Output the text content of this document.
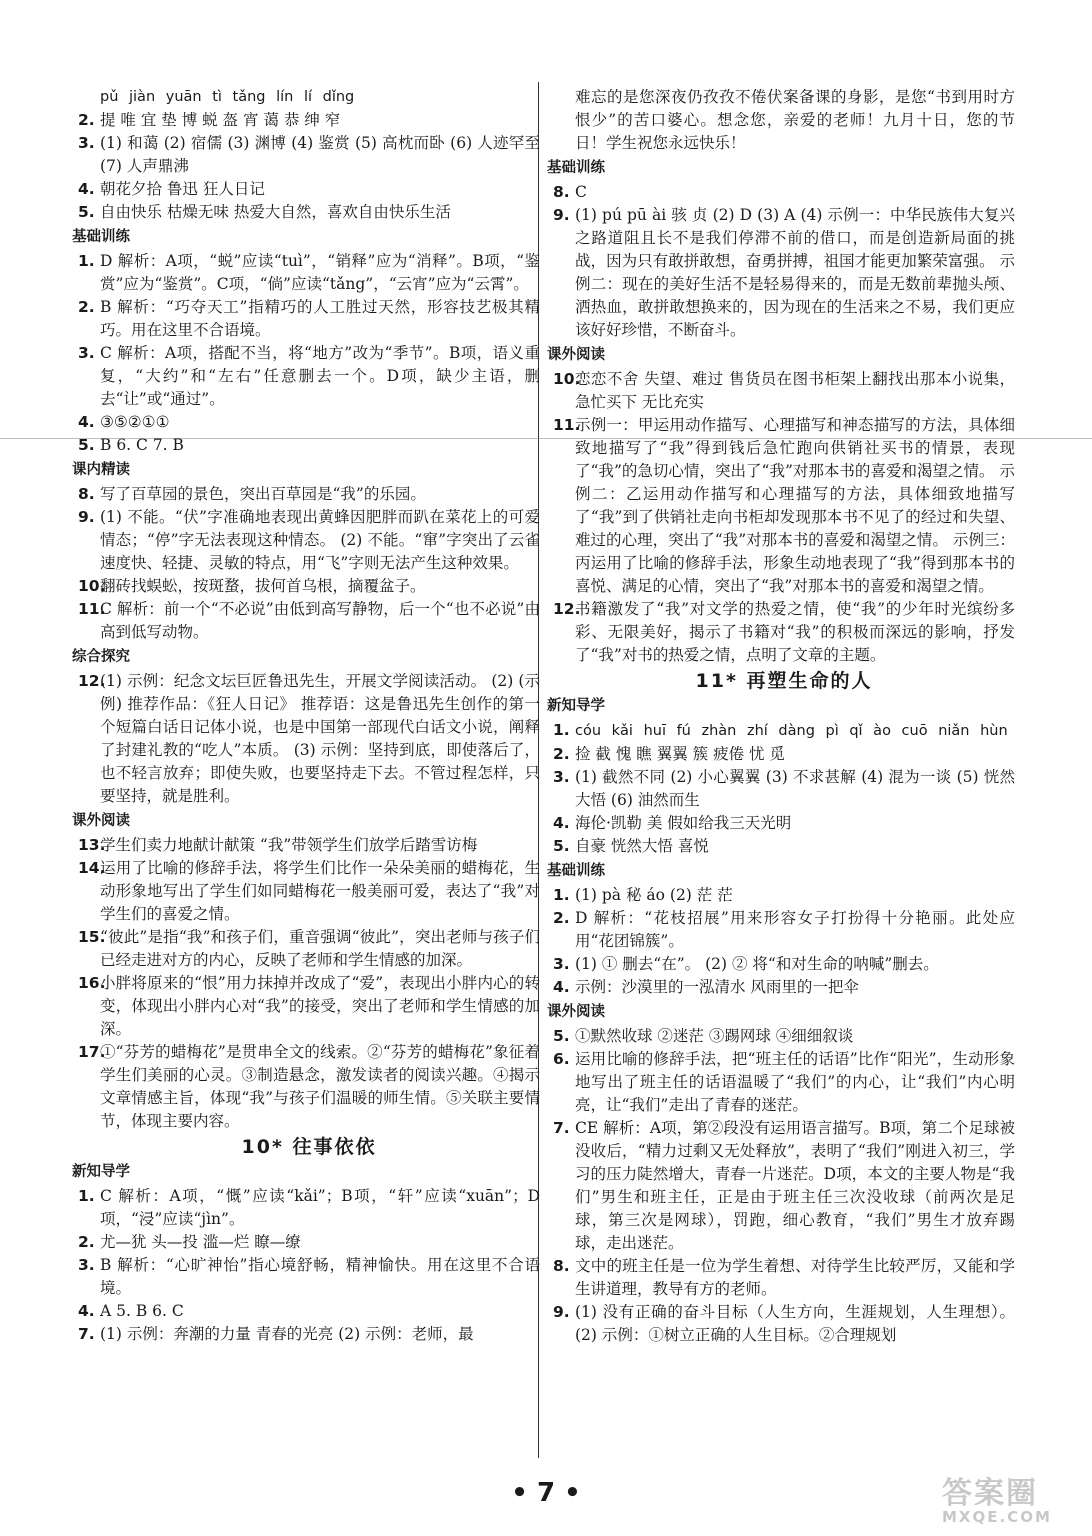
pǔ jiàn yuān tì tǎng lín lí dǐng

2. 提 唯 宜 垫 博 蜕 盔 宵 蔼 恭 绅 窄

3. (1) 和蔼 (2) 宿儒 (3) 渊博 (4) 鉴赏 (5) 高枕而卧 (6) 人迹罕至 (7) 人声鼎沸

4. 朝花夕拾 鲁迅 狂人日记

5. 自由快乐 枯燥无味 热爱大自然，喜欢自由快乐生活

基础训练

1. D 解析：A项，“蜕”应读“tuì”，“销释”应为“消释”。B项，“鉴赏”应为“鉴赏”。C项，“倘”应读“tǎng”，“云宵”应为“云霄”。

2. B 解析：“巧夺天工”指精巧的人工胜过天然，形容技艺极其精巧。用在这里不合语境。

3. C 解析：A项，搭配不当，将“地方”改为“季节”。B项，语义重复，“大约”和“左右”任意删去一个。D项，缺少主语，删去“让”或“通过”。

4. ③⑤②①①

5. B 6. C 7. B

课内精读

8. 写了百草园的景色，突出百草园是“我”的乐园。

9. (1) 不能。“伏”字准确地表现出黄蜂因肥胖而趴在菜花上的可爱情态；“停”字无法表现这种情态。 (2) 不能。“窜”字突出了云雀速度快、轻捷、灵敏的特点，用“飞”字则无法产生这种效果。

10.
翻砖找蜈蚣，按斑蝥，拔何首乌根，摘覆盆子。

11.
C 解析：前一个“不必说”由低到高写静物，后一个“也不必说”由高到低写动物。

综合探究

12.
(1) 示例：纪念文坛巨匠鲁迅先生，开展文学阅读活动。 (2) (示例) 推荐作品：《狂人日记》 推荐语：这是鲁迅先生创作的第一个短篇白话日记体小说，也是中国第一部现代白话文小说，阐释了封建礼教的“吃人”本质。 (3) 示例：坚持到底，即使落后了，也不轻言放弃；即使失败，也要坚持走下去。不管过程怎样，只要坚持，就是胜利。

课外阅读

13.
学生们卖力地献计献策 “我”带领学生们放学后踏雪访梅

14.
运用了比喻的修辞手法，将学生们比作一朵朵美丽的蜡梅花，生动形象地写出了学生们如同蜡梅花一般美丽可爱，表达了“我”对学生们的喜爱之情。

15.
“彼此”是指“我”和孩子们，重音强调“彼此”，突出老师与孩子们已经走进对方的内心，反映了老师和学生情感的加深。

16.
小胖将原来的“恨”用力抹掉并改成了“爱”，表现出小胖内心的转变，体现出小胖内心对“我”的接受，突出了老师和学生情感的加深。

17.
①“芬芳的蜡梅花”是贯串全文的线索。②“芬芳的蜡梅花”象征着学生们美丽的心灵。③制造悬念，激发读者的阅读兴趣。④揭示文章情感主旨，体现“我”与孩子们温暖的师生情。⑤关联主要情节，体现主要内容。

10* 往事依依
新知导学

1. C 解析：A项，“慨”应读“kǎi”；B项，“轩”应读“xuān”；D项，“浸”应读“jìn”。

2. 尤—犹 头—投 滥—烂 瞭—缭

3. B 解析：“心旷神怡”指心境舒畅，精神愉快。用在这里不合语境。

4. A 5. B 6. C

7. (1) 示例：奔潮的力量 青春的光亮 (2) 示例：老师，最

难忘的是您深夜仍孜孜不倦伏案备课的身影，是您“书到用时方恨少”的苦口婆心。想念您，亲爱的老师！九月十日，您的节日！学生祝您永远快乐！

基础训练

8. C

9. (1) pú pū ài 骇 贞 (2) D (3) A (4) 示例一：中华民族伟大复兴之路道阻且长不是我们停滞不前的借口，而是创造新局面的挑战，因为只有敢拼敢想，奋勇拼搏，祖国才能更加繁荣富强。 示例二：现在的美好生活不是轻易得来的，而是无数前辈抛头颅、洒热血，敢拼敢想换来的，因为现在的生活来之不易，我们更应该好好珍惜，不断奋斗。

课外阅读

10.
恋恋不舍 失望、难过 售货员在图书柜架上翻找出那本小说集，急忙买下 无比充实

11.
示例一：甲运用动作描写、心理描写和神态描写的方法，具体细致地描写了“我”得到钱后急忙跑向供销社买书的情景，表现了“我”的急切心情，突出了“我”对那本书的喜爱和渴望之情。 示例二：乙运用动作描写和心理描写的方法，具体细致地描写了“我”到了供销社走向书柜却发现那本书不见了的经过和失望、难过的心理，突出了“我”对那本书的喜爱和渴望之情。 示例三：丙运用了比喻的修辞手法，形象生动地表现了“我”得到那本书的喜悦、满足的心情，突出了“我”对那本书的喜爱和渴望之情。

12.
书籍激发了“我”对文学的热爱之情，使“我”的少年时光缤纷多彩、无限美好，揭示了书籍对“我”的积极而深远的影响，抒发了“我”对书的热爱之情，点明了文章的主题。

11* 再塑生命的人
新知导学

1. cóu kǎi huī fú zhàn zhí dàng pì qǐ ào cuō niǎn hùn

2. 捡 截 愧 瞧 翼翼 簇 疲倦 忧 觅

3. (1) 截然不同 (2) 小心翼翼 (3) 不求甚解 (4) 混为一谈 (5) 恍然大悟 (6) 油然而生

4. 海伦·凯勒 美 假如给我三天光明

5. 自豪 恍然大悟 喜悦

基础训练

1. (1) pà 秘 áo (2) 茫 茫

2. D 解析：“花枝招展”用来形容女子打扮得十分艳丽。此处应用“花团锦簇”。

3. (1) ① 删去“在”。 (2) ② 将“和对生命的呐喊”删去。

4. 示例：沙漠里的一泓清水 风雨里的一把伞

课外阅读

5. ①默然收球 ②迷茫 ③踢网球 ④细细叙谈

6. 运用比喻的修辞手法，把“班主任的话语”比作“阳光”，生动形象地写出了班主任的话语温暖了“我们”的内心，让“我们”内心明亮，让“我们”走出了青春的迷茫。

7. CE 解析：A项，第②段没有运用语言描写。B项，第二个足球被没收后，“精力过剩又无处释放”，表明了“我们”刚进入初三，学习的压力陡然增大，青春一片迷茫。D项，本文的主要人物是“我们”男生和班主任，正是由于班主任三次没收球（前两次是足球，第三次是网球），罚跑，细心教育，“我们”男生才放弃踢球，走出迷茫。

8. 文中的班主任是一位为学生着想、对待学生比较严厉，又能和学生讲道理，教导有方的老师。

9. (1) 没有正确的奋斗目标（人生方向，生涯规划，人生理想）。 (2) 示例：①树立正确的人生目标。②合理规划

• 7 •	答案圈
MXQE.COM
